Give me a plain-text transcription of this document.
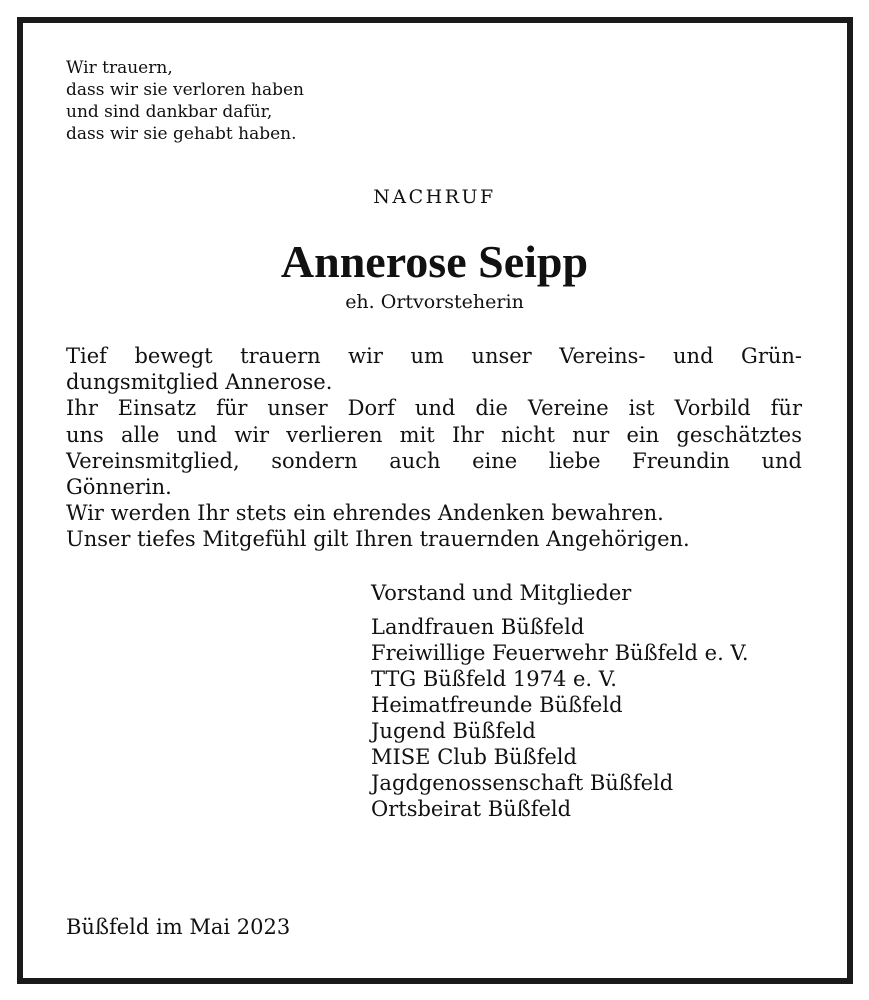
Wir trauern,
dass wir sie verloren haben
und sind dankbar dafür,
dass wir sie gehabt haben.
NACHRUF
Annerose Seipp
eh. Ortvorsteherin
Tief bewegt trauern wir um unser Vereins- und Grün-
dungsmitglied Annerose.
Ihr Einsatz für unser Dorf und die Vereine ist Vorbild für
uns alle und wir verlieren mit Ihr nicht nur ein geschätztes
Vereinsmitglied, sondern auch eine liebe Freundin und
Gönnerin.
Wir werden Ihr stets ein ehrendes Andenken bewahren.
Unser tiefes Mitgefühl gilt Ihren trauernden Angehörigen.
Vorstand und Mitglieder
Landfrauen Büßfeld
Freiwillige Feuerwehr Büßfeld e. V.
TTG Büßfeld 1974 e. V.
Heimatfreunde Büßfeld
Jugend Büßfeld
MISE Club Büßfeld
Jagdgenossenschaft Büßfeld
Ortsbeirat Büßfeld
Büßfeld im Mai 2023
